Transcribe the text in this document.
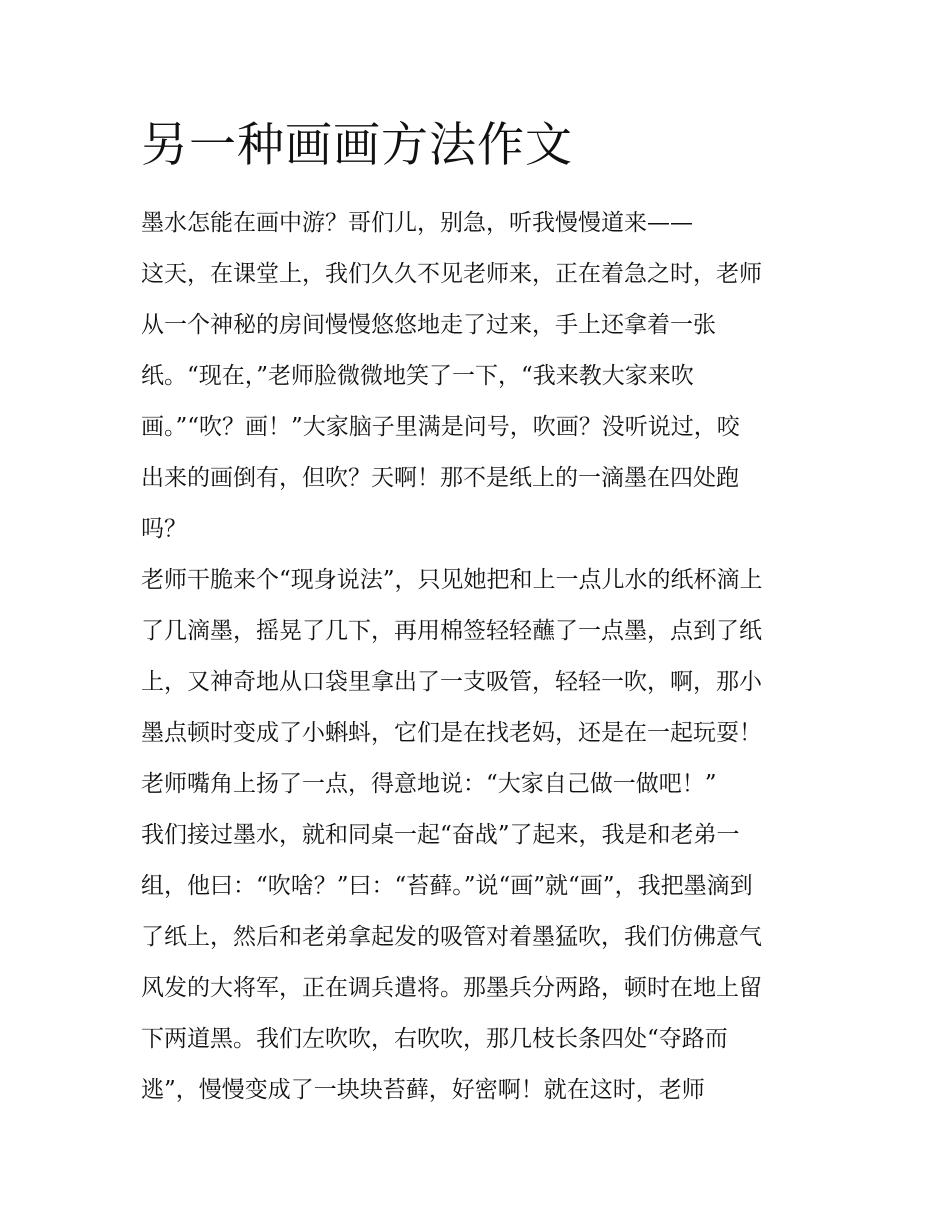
另一种画画方法作文
墨水怎能在画中游？哥们儿，别急，听我慢慢道来——
这天，在课堂上，我们久久不见老师来，正在着急之时，老师
从一个神秘的房间慢慢悠悠地走了过来，手上还拿着一张
纸。“现在，”老师脸微微地笑了一下，“我来教大家来吹
画。”“吹？画！”大家脑子里满是问号，吹画？没听说过，咬
出来的画倒有，但吹？天啊！那不是纸上的一滴墨在四处跑
吗？
老师干脆来个“现身说法”，只见她把和上一点儿水的纸杯滴上
了几滴墨，摇晃了几下，再用棉签轻轻蘸了一点墨，点到了纸
上，又神奇地从口袋里拿出了一支吸管，轻轻一吹，啊，那小
墨点顿时变成了小蝌蚪，它们是在找老妈，还是在一起玩耍！
老师嘴角上扬了一点，得意地说：“大家自己做一做吧！”
我们接过墨水，就和同桌一起“奋战”了起来，我是和老弟一
组，他曰：“吹啥？”曰：“苔藓。”说“画”就“画”，我把墨滴到
了纸上，然后和老弟拿起发的吸管对着墨猛吹，我们仿佛意气
风发的大将军，正在调兵遣将。那墨兵分两路，顿时在地上留
下两道黑。我们左吹吹，右吹吹，那几枝长条四处“夺路而
逃”，慢慢变成了一块块苔藓，好密啊！就在这时，老师
